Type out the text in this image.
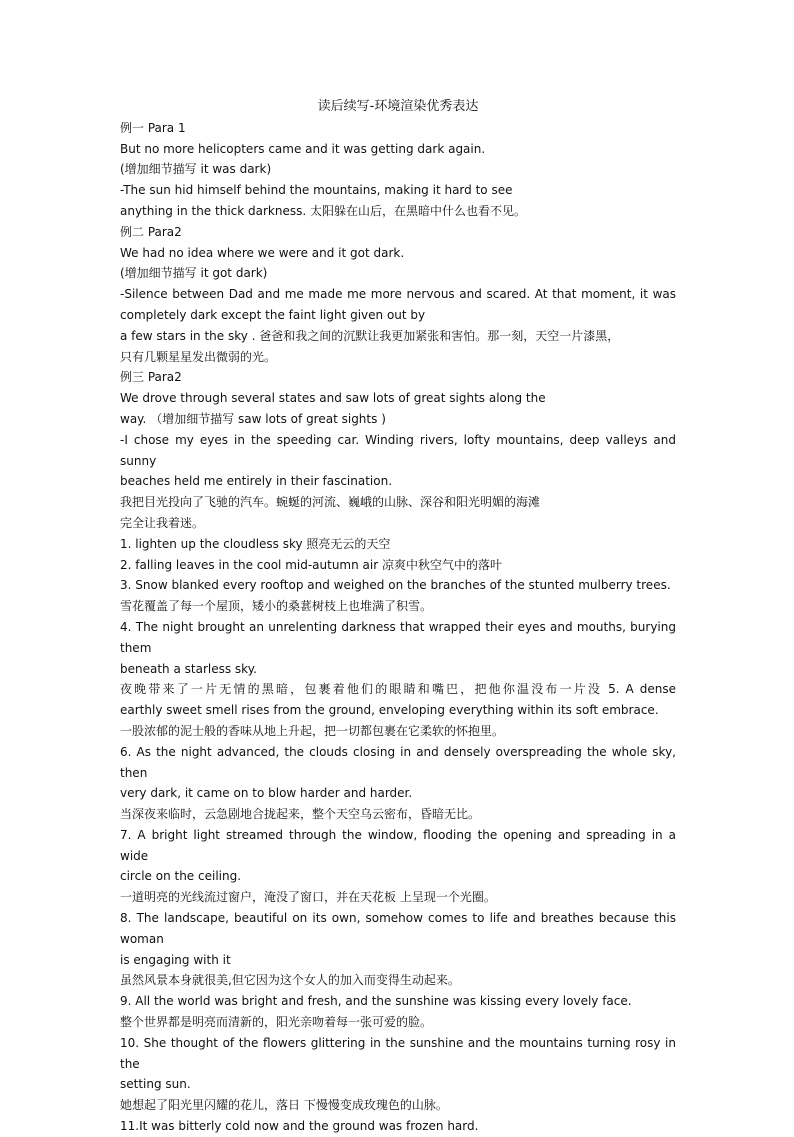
读后续写-环境渲染优秀表达

例一 Para 1

But no more helicopters came and it was getting dark again.

(增加细节描写 it was dark)

-The sun hid himself behind the mountains, making it hard to see

anything in the thick darkness. 太阳躲在山后，在黑暗中什么也看不见。

例二 Para2

We had no idea where we were and it got dark.

(增加细节描写 it got dark)

-Silence between Dad and me made me more nervous and scared. At that moment, it was

completely dark except the faint light given out by

a few stars in the sky . 爸爸和我之间的沉默让我更加紧张和害怕。那一刻，天空一片漆黑，

只有几颗星星发出微弱的光。

例三 Para2

We drove through several states and saw lots of great sights along the

way. （增加细节描写 saw lots of great sights )

-I chose my eyes in the speeding car. Winding rivers, lofty mountains, deep valleys and sunny

beaches held me entirely in their fascination.

我把目光投向了飞驰的汽车。蜿蜒的河流、巍峨的山脉、深谷和阳光明媚的海滩

完全让我着迷。

1. lighten up the cloudless sky 照亮无云的天空

2. falling leaves in the cool mid-autumn air 凉爽中秋空气中的落叶

3. Snow blanked every rooftop and weighed on the branches of the stunted mulberry trees.

雪花覆盖了每一个屋顶，矮小的桑葚树枝上也堆满了积雪。

4. The night brought an unrelenting darkness that wrapped their eyes and mouths, burying them

beneath a starless sky.

夜晚带来了一片无情的黑暗，包裹着他们的眼睛和嘴巴，把他你温没布一片没 5. A dense

earthly sweet smell rises from the ground, enveloping everything within its soft embrace.

一股浓郁的泥士般的香味从地上升起，把一切都包裹在它柔软的怀抱里。

6. As the night advanced, the clouds closing in and densely overspreading the whole sky, then

very dark, it came on to blow harder and harder.

当深夜来临时，云急剧地合拢起来，整个天空乌云密布，昏暗无比。

7. A bright light streamed through the window, flooding the opening and spreading in a wide

circle on the ceiling.

一道明亮的光线流过窗户，淹没了窗口，并在天花板 上呈现一个光圈。

8. The landscape, beautiful on its own, somehow comes to life and breathes because this woman

is engaging with it

虽然风景本身就很美,但它因为这个女人的加入而变得生动起来。

9. All the world was bright and fresh, and the sunshine was kissing every lovely face.

整个世界都是明亮而清新的，阳光亲吻着每一张可爱的脸。

10. She thought of the flowers glittering in the sunshine and the mountains turning rosy in the

setting sun.

她想起了阳光里闪耀的花儿，落日 下慢慢变成玫瑰色的山脉。

11.It was bitterly cold now and the ground was frozen hard.
